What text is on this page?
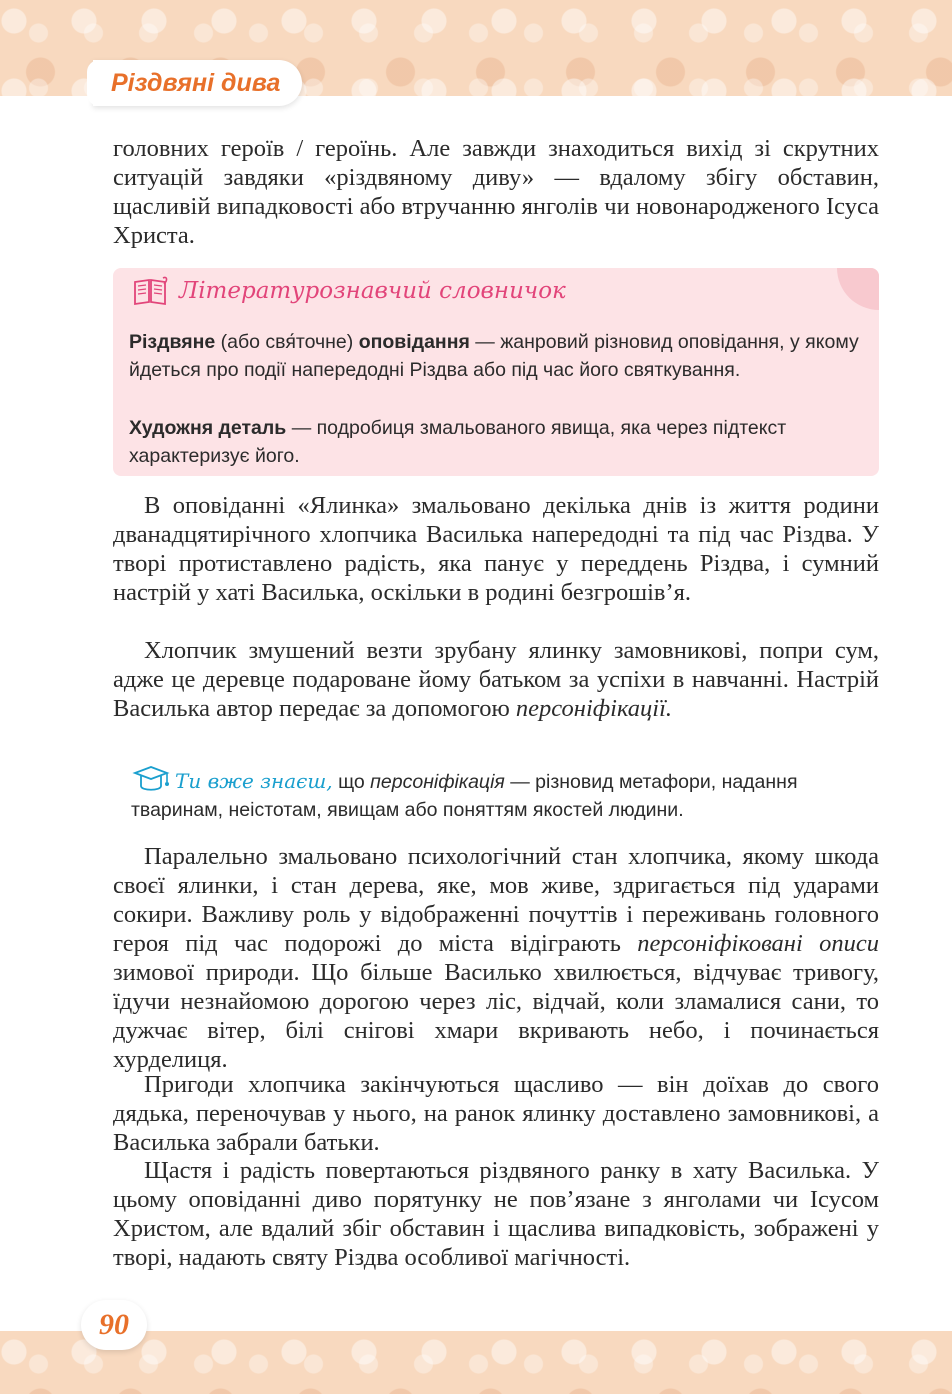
Різдвяні дива

головних героїв / героїнь. Але завжди знаходиться вихід зі скрутних ситуацій завдяки «різдвяному диву» — вдалому збігу обставин, щасливій випадковості або втручанню янголів чи новонародженого Ісуса Христа.

Літературознавчий словничок

Різдвяне (або свя́точне) оповідання — жанровий різновид оповідання, у якому йдеться про події напередодні Різдва або під час його святкування.

Художня деталь — подробиця змальованого явища, яка через підтекст характеризує його.

В оповіданні «Ялинка» змальовано декілька днів із життя родини дванадцятирічного хлопчика Василька напередодні та під час Різдва. У творі протиставлено радість, яка панує у переддень Різдва, і сумний настрій у хаті Василька, оскільки в родині безгрошів’я.

Хлопчик змушений везти зрубану ялинку замовникові, попри сум, адже це деревце подароване йому батьком за успіхи в навчанні. Настрій Василька автор передає за допомогою персоніфікації.

Ти вже знаєш, що персоніфікація — різновид метафори, надання тваринам, неістотам, явищам або поняттям якостей людини.

Паралельно змальовано психологічний стан хлопчика, якому шкода своєї ялинки, і стан дерева, яке, мов живе, здригається під ударами сокири. Важливу роль у відображенні почуттів і переживань головного героя під час подорожі до міста відіграють персоніфіковані описи зимової природи. Що більше Василько хвилюється, відчуває тривогу, їдучи незнайомою дорогою через ліс, відчай, коли зламалися сани, то дужчає вітер, білі снігові хмари вкривають небо, і починається хурделиця.

Пригоди хлопчика закінчуються щасливо — він доїхав до свого дядька, переночував у нього, на ранок ялинку доставлено замовникові, а Василька забрали батьки.

Щастя і радість повертаються різдвяного ранку в хату Василька. У цьому оповіданні диво порятунку не пов’язане з янголами чи Ісусом Христом, але вдалий збіг обставин і щаслива випадковість, зображені у творі, надають святу Різдва особливої магічності.

90
